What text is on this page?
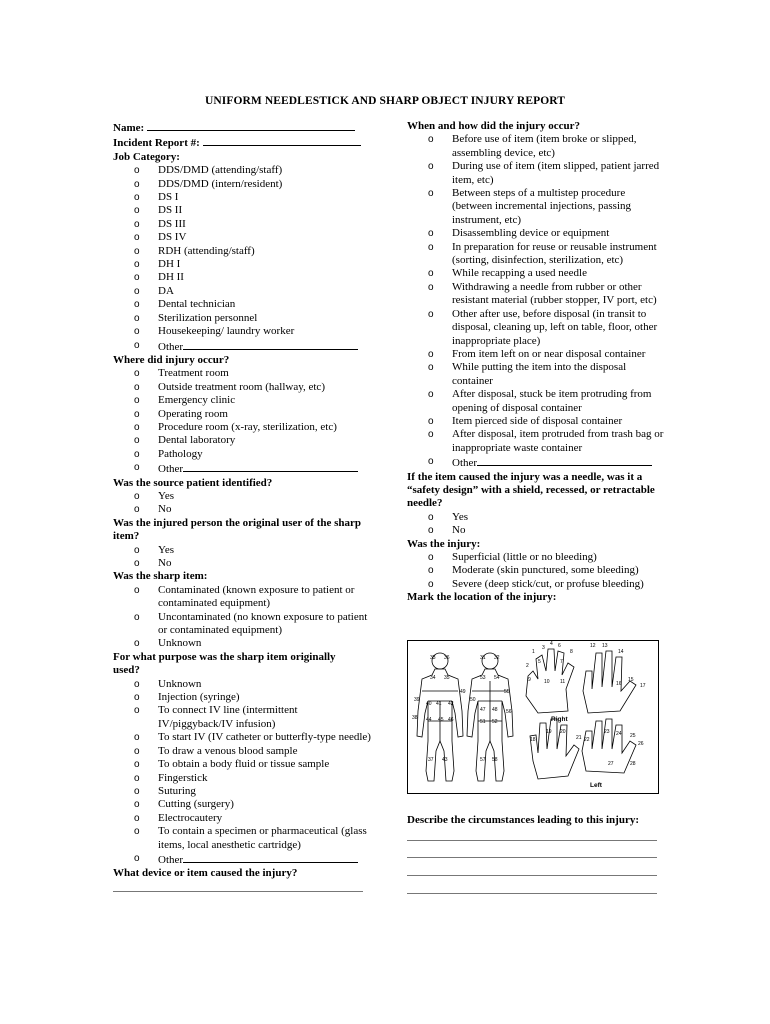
UNIFORM NEEDLESTICK AND SHARP OBJECT INJURY REPORT
Name:
Incident Report #:
Job Category:
o DDS/DMD (attending/staff)
o DDS/DMD (intern/resident)
o DS I
o DS II
o DS III
o DS IV
o RDH (attending/staff)
o DH I
o DH II
o DA
o Dental technician
o Sterilization personnel
o Housekeeping/ laundry worker
o Other
Where did injury occur?
o Treatment room
o Outside treatment room (hallway, etc)
o Emergency clinic
o Operating room
o Procedure room (x-ray, sterilization, etc)
o Dental laboratory
o Pathology
o Other
Was the source patient identified?
o Yes
o No
Was the injured person the original user of the sharp item?
o Yes
o No
Was the sharp item:
o Contaminated (known exposure to patient or contaminated equipment)
o Uncontaminated (no known exposure to patient or contaminated equipment)
o Unknown
For what purpose was the sharp item originally used?
o Unknown
o Injection (syringe)
o To connect IV line (intermittent IV/piggyback/IV infusion)
o To start IV (IV catheter or butterfly-type needle)
o To draw a venous blood sample
o To obtain a body fluid or tissue sample
o Fingerstick
o Suturing
o Cutting (surgery)
o Electrocautery
o To contain a specimen or pharmaceutical (glass items, local anesthetic cartridge)
o Other
What device or item caused the injury?
When and how did the injury occur?
o Before use of item (item broke or slipped, assembling device, etc)
o During use of item (item slipped, patient jarred item, etc)
o Between steps of a multistep procedure (between incremental injections, passing instrument, etc)
o Disassembling device or equipment
o In preparation for reuse or reusable instrument (sorting, disinfection, sterilization, etc)
o While recapping a used needle
o Withdrawing a needle from rubber or other resistant material (rubber stopper, IV port, etc)
o Other after use, before disposal (in transit to disposal, cleaning up, left on table, floor, other inappropriate place)
o From item left on or near disposal container
o While putting the item into the disposal container
o After disposal, stuck be item protruding from opening of disposal container
o Item pierced side of disposal container
o After disposal, item protruded from trash bag or inappropriate waste container
o Other
If the item caused the injury was a needle, was it a “safety design” with a shield, recessed, or retractable needle?
o Yes
o No
Was the injury:
o Superficial (little or no bleeding)
o Moderate (skin punctured, some bleeding)
o Severe (deep stick/cut, or profuse bleeding)
Mark the location of the injury:
33 36	31 32
34 35	53 54
49
39
40 41 42
50
38 44 45 46
47 48
51 52
55
56
37 43	57 58
1
2
3
4
5
6
7
8
9	10 11
12 13
14
15
16	17
18
19 20
21 22
23 24 25
26
27	28
Right
Left
Describe the circumstances leading to this injury:
